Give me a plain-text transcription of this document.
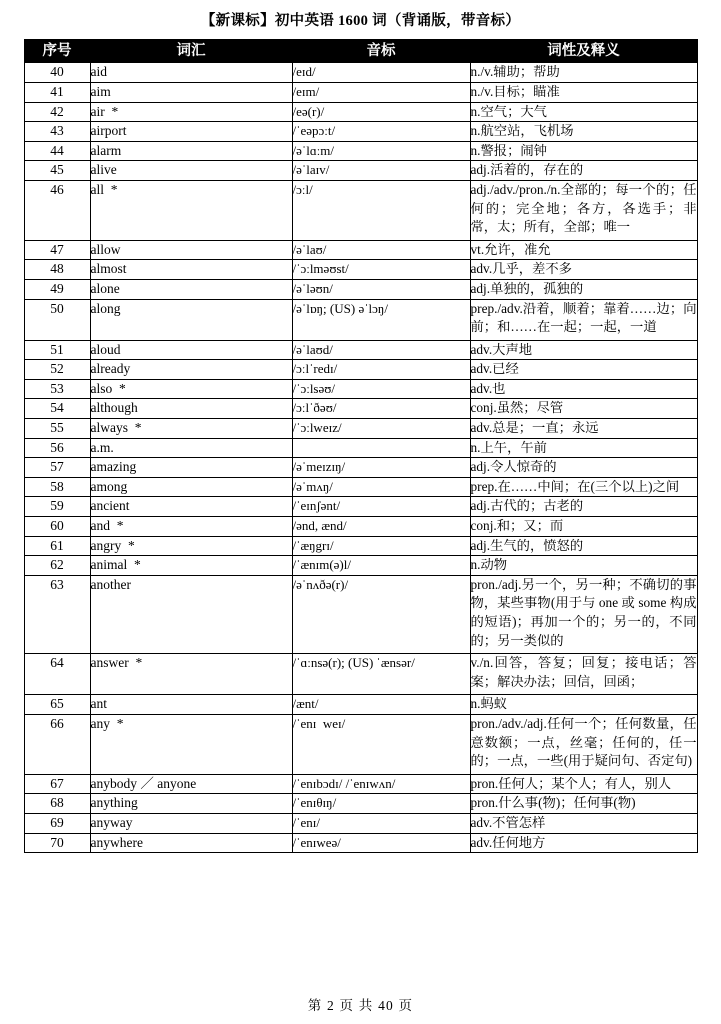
【新课标】初中英语 1600 词（背诵版，带音标）
序号	词汇	音标	词性及释义
40	aid	/eɪd/	n./v.辅助；帮助
41	aim	/eɪm/	n./v.目标；瞄准
42	air  *	/eə(r)/	n.空气；大气
43	airport	/ˈeəpɔːt/	n.航空站，飞机场
44	alarm	/əˈlɑːm/	n.警报；闹钟
45	alive	/əˈlaɪv/	adj.活着的，存在的
46	all  *	/ɔːl/	adj./adv./pron./n.全部的；每一个的；任何的；完全地；各方，各选手；非常，太；所有，全部；唯一
47	allow	/əˈlaʊ/	vt.允许，准允
48	almost	/ˈɔːlməʊst/	adv.几乎，差不多
49	alone	/əˈləʊn/	adj.单独的，孤独的
50	along	/əˈlɒŋ; (US) əˈlɔŋ/	prep./adv.沿着，顺着；靠着……边；向前；和……在一起；一起，一道
51	aloud	/əˈlaʊd/	adv.大声地
52	already	/ɔːlˈredɪ/	adv.已经
53	also  *	/ˈɔːlsəʊ/	adv.也
54	although	/ɔːlˈðəʊ/	conj.虽然；尽管
55	always  *	/ˈɔːlweɪz/	adv.总是；一直；永远
56	a.m.		n.上午，午前
57	amazing	/əˈmeɪzɪŋ/	adj.令人惊奇的
58	among	/əˈmʌŋ/	prep.在……中间；在(三个以上)之间
59	ancient	/ˈeɪnʃənt/	adj.古代的；古老的
60	and  *	/ənd, ænd/	conj.和；又；而
61	angry  *	/ˈæŋgrɪ/	adj.生气的，愤怒的
62	animal  *	/ˈænɪm(ə)l/	n.动物
63	another	/əˈnʌðə(r)/	pron./adj.另一个，另一种；不确切的事物，某些事物(用于与 one 或 some 构成的短语)；再加一个的；另一的，不同的；另一类似的
64	answer  *	/ˈɑːnsə(r); (US) ˈænsər/	v./n.回答，答复；回复；接电话；答案；解决办法；回信，回函；
65	ant	/ænt/	n.蚂蚁
66	any  *	/ˈenɪ  weɪ/	pron./adv./adj.任何一个；任何数量，任意数额；一点，丝毫；任何的，任一的；一点，一些(用于疑问句、否定句)
67	anybody ／ anyone	/ˈenɪbɔdɪ/ /ˈenɪwʌn/	pron.任何人；某个人；有人，别人
68	anything	/ˈenɪθɪŋ/	pron.什么事(物)；任何事(物)
69	anyway	/ˈenɪ/	adv.不管怎样
70	anywhere	/ˈenɪweə/	adv.任何地方
第 2 页 共 40 页
